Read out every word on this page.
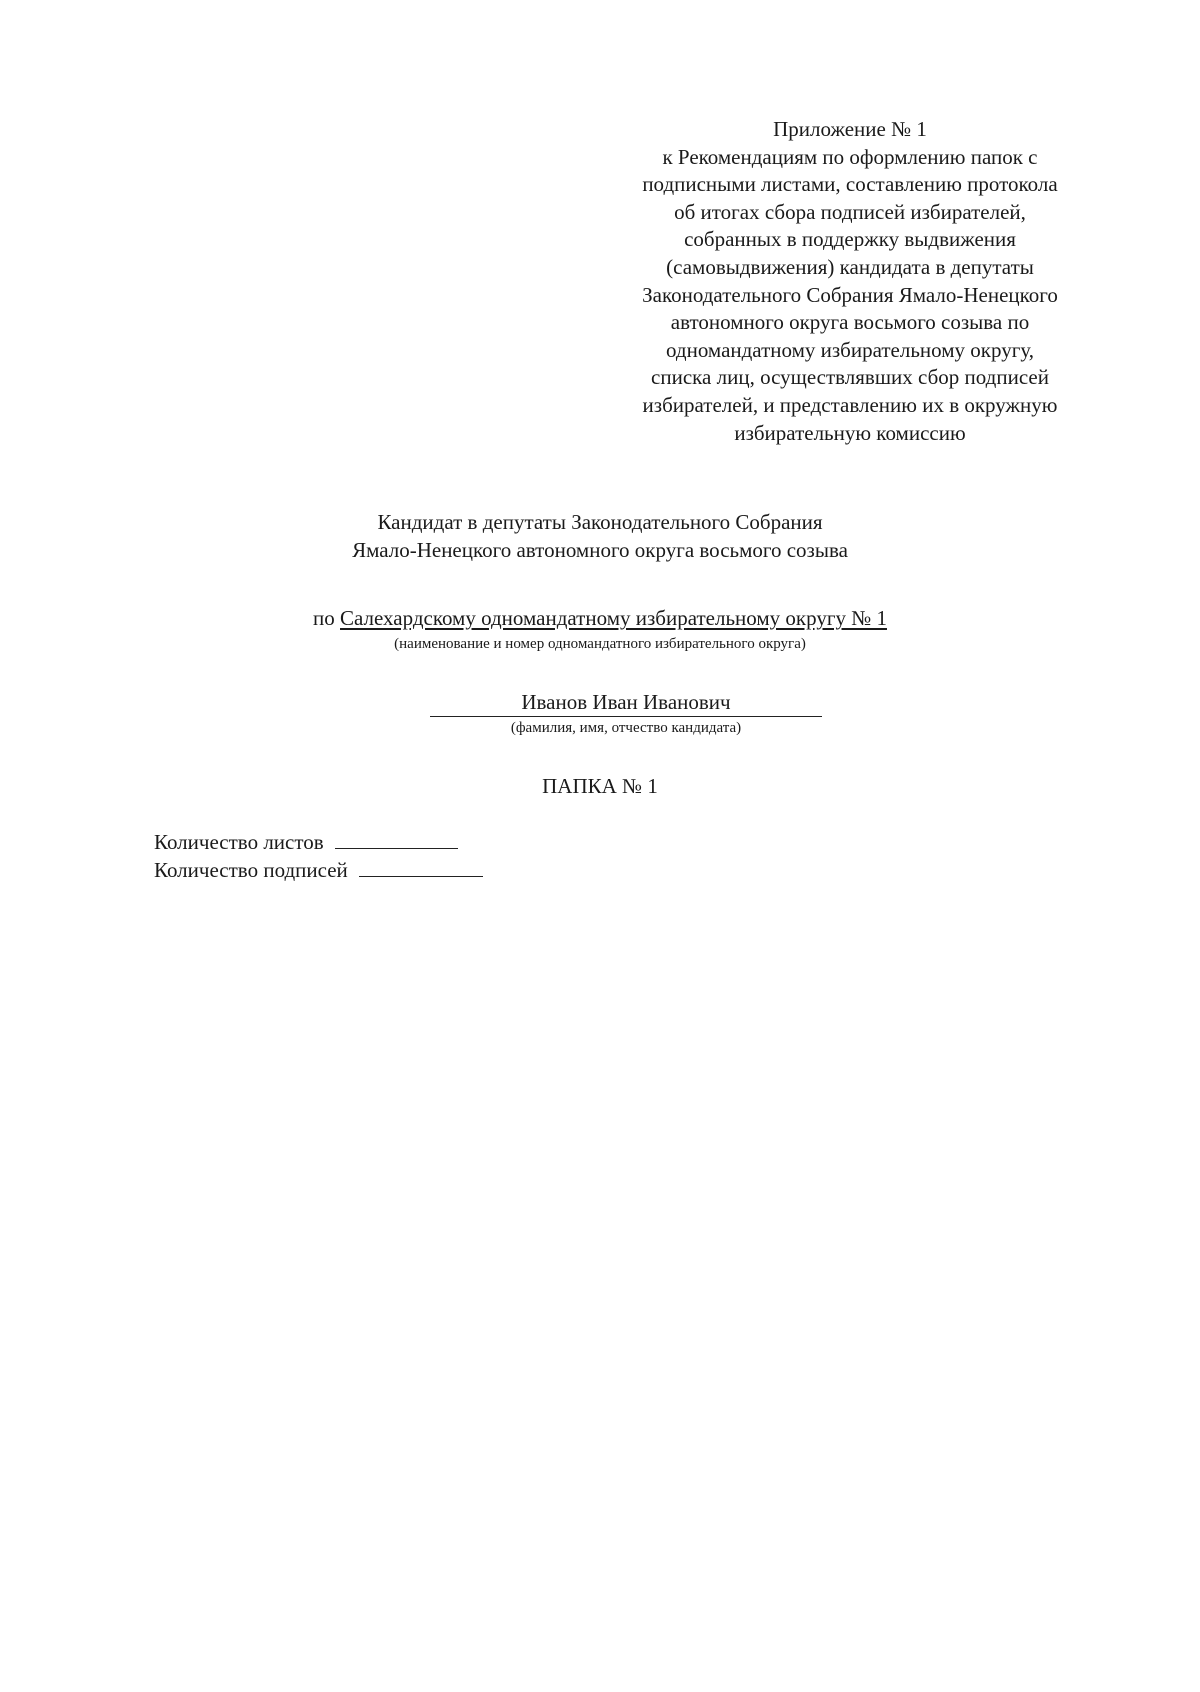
Приложение № 1
к Рекомендациям по оформлению папок с
подписными листами, составлению протокола
об итогах сбора подписей избирателей,
собранных в поддержку выдвижения
(самовыдвижения) кандидата в депутаты
Законодательного Собрания Ямало-Ненецкого
автономного округа восьмого созыва по
одномандатному избирательному округу,
списка лиц, осуществлявших сбор подписей
избирателей, и представлению их в окружную
избирательную комиссию
Кандидат в депутаты Законодательного Собрания
Ямало-Ненецкого автономного округа восьмого созыва
по Салехардскому одномандатному избирательному округу № 1
(наименование и номер одномандатного избирательного округа)
Иванов Иван Иванович
(фамилия, имя, отчество кандидата)
ПАПКА № 1
Количество листов
Количество подписей
